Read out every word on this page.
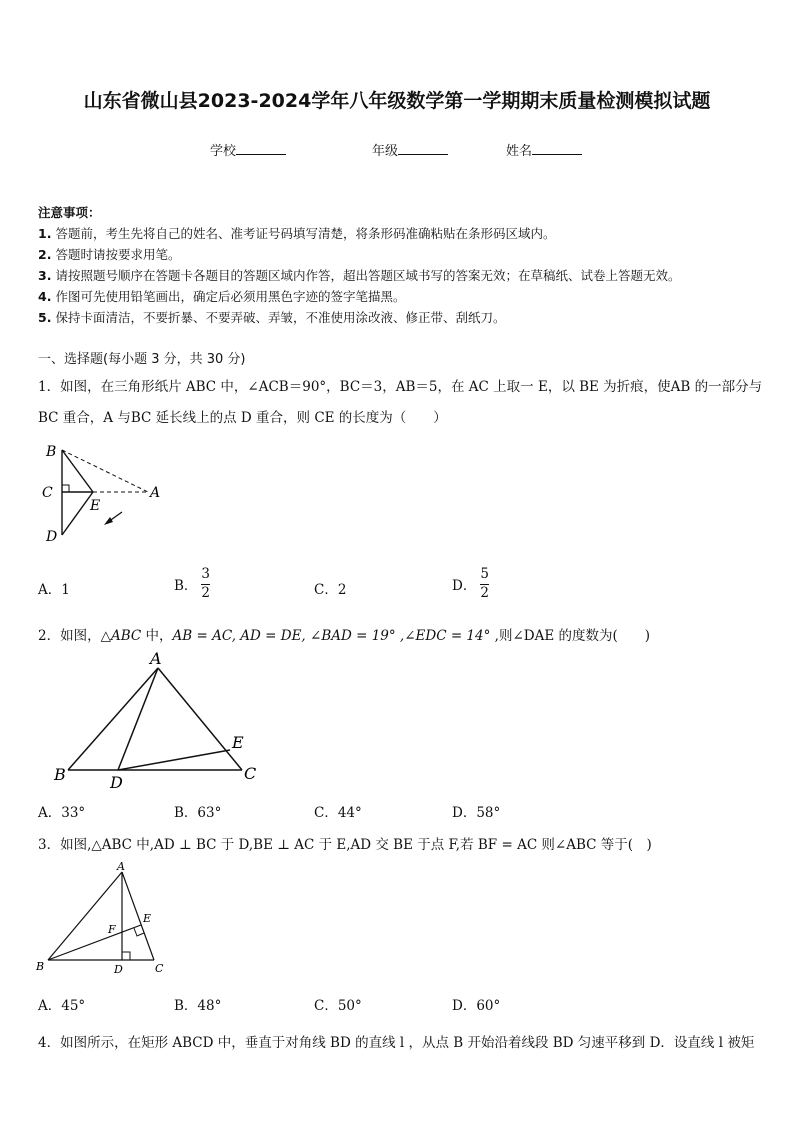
山东省微山县2023-2024学年八年级数学第一学期期末质量检测模拟试题
学校	年级	姓名
注意事项：
1. 答题前，考生先将自己的姓名、准考证号码填写清楚，将条形码准确粘贴在条形码区域内。
2. 答题时请按要求用笔。
3. 请按照题号顺序在答题卡各题目的答题区域内作答，超出答题区域书写的答案无效；在草稿纸、试卷上答题无效。
4. 作图可先使用铅笔画出，确定后必须用黑色字迹的签字笔描黑。
5. 保持卡面清洁，不要折暴、不要弄破、弄皱，不准使用涂改液、修正带、刮纸刀。
一、选择题(每小题 3 分，共 30 分)
1．如图，在三角形纸片 ABC 中，∠ACB＝90°，BC＝3，AB＝5，在 AC 上取一 E，以 BE 为折痕，使AB 的一部分与
BC 重合，A 与BC 延长线上的点 D 重合，则 CE 的长度为（　　）
B
C	A
E
D
A．1	B． $\frac{3}{2}$	C．2	D． $\frac{5}{2}$
2．如图，△ABC 中，AB = AC, AD = DE, ∠BAD = 19° ,∠EDC = 14° ,则∠DAE 的度数为(　　)
A
B	C
D
E
A．33°	B．63°	C．44°	D．58°
3．如图,△ABC 中,AD ⊥ BC 于 D,BE ⊥ AC 于 E,AD 交 BE 于点 F,若 BF = AC 则∠ABC 等于(　)
A
B	C
D
E
F
A．45°	B．48°	C．50°	D．60°
4．如图所示，在矩形 ABCD 中，垂直于对角线 BD 的直线 l ，从点 B 开始沿着线段 BD 匀速平移到 D．设直线 l 被矩
